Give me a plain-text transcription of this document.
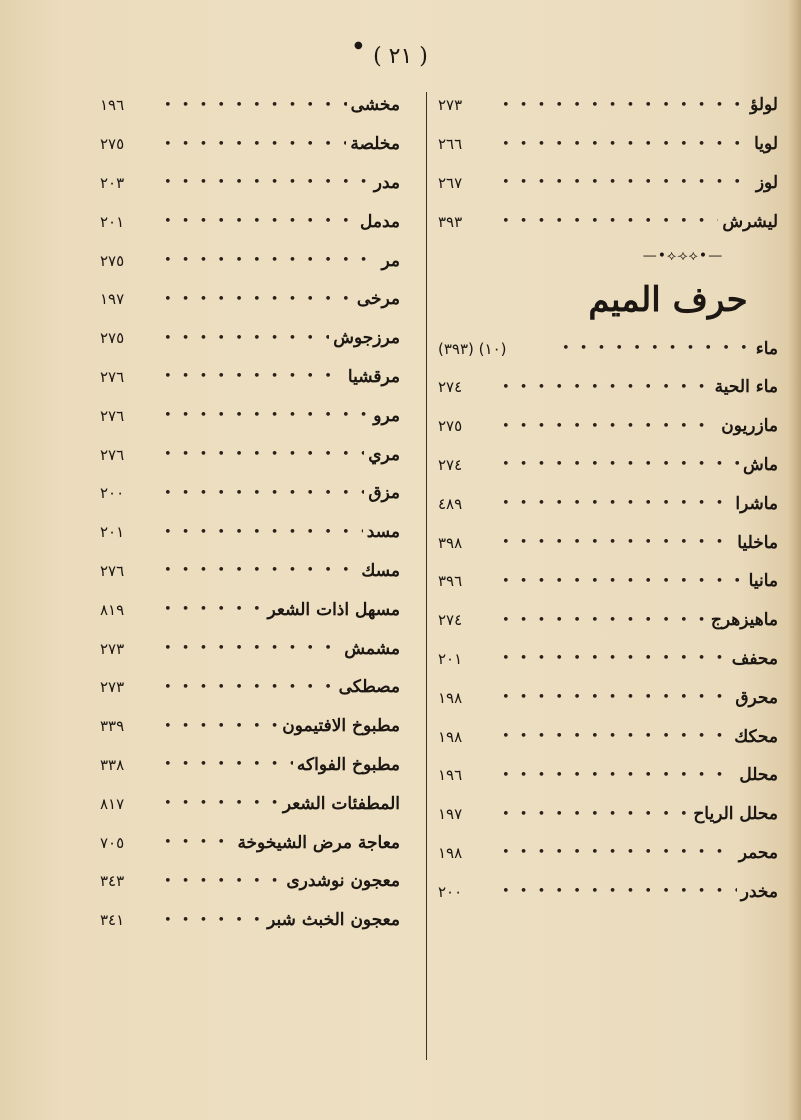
● ( ٢١ )
١٩٦ • • •	مخشى
٢٧٥ • • •	مخلصة
٢٠٣ • • •	مدر
٢٠١ • • •	مدمل
٢٧٥ • • •	مر
١٩٧ • • •	مرخى
٢٧٥ • • •	مرزجوش
٢٧٦ • • •	مرقشيا
٢٧٦ • • •	مرو
٢٧٦ • • •	مري
٢٠٠ • • •	مزق
٢٠١ • • •	مسد
٢٧٦ • • •	مسك
٨١٩ • • •	مسهل اذات الشعر
٢٧٣ • • •	مشمش
٢٧٣ • • •	مصطكى
٣٣٩ • • •	مطبوخ الافتيمون
٣٣٨ • • •	مطبوخ الفواكه
٨١٧ • • •	المطفئات الشعر
٧٠٥ • • •	معاجة مرض الشيخوخة
٣٤٣ • • •	معجون نوشدرى
٣٤١ • • •	معجون الخبث شبر
٢٧٣ • • •	لولؤ
٢٦٦ • • •	لويا
٢٦٧ • • •	لوز
٣٩٣ • • •	ليشرش
—•⟡⟢⟡•—
حرف الميم
(٣٩٣) (١٠) • • •	ماء
٢٧٤ • • •	ماء الحية
٢٧٥ • • •	مازريون
٢٧٤ • • •	ماش
٤٨٩ • • •	ماشرا
٣٩٨ • • •	ماخليا
٣٩٦ • • •	مانيا
٢٧٤ • • •	ماهيزهرج
٢٠١ • • •	محفف
١٩٨ • • •	محرق
١٩٨ • • •	محكك
١٩٦ • • •	محلل
١٩٧ • • •	محلل الرياح
١٩٨ • • •	محمر
٢٠٠ • • •	مخدر
